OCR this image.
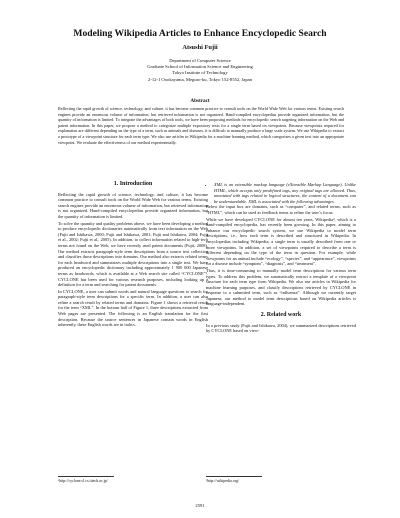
Modeling Wikipedia Articles to Enhance Encyclopedic Search
Atsushi Fujii
Department of Computer Science
Graduate School of Information Science and Engineering
Tokyo Institute of Technology
2-12-1 Oookayama, Meguro-ku, Tokyo 152-8552, Japan
Abstract
Reflecting the rapid growth of science, technology, and culture, it has become common practice to consult tools on the World Wide Web for various terms. Existing search engines provide an enormous volume of information, but retrieved information is not organized. Hand-compiled encyclopedias provide organized information, but the quantity of information is limited. To integrate the advantages of both tools, we have been proposing methods for encyclopedic search targeting information on the Web and patent information. In this paper, we propose a method to categorize multiple expository texts for a single term based on viewpoints. Because viewpoints required for explanation are different depending on the type of a term, such as animals and diseases, it is difficult to manually produce a large scale system. We use Wikipedia to extract a prototype of a viewpoint structure for each term type. We also use articles in Wikipedia for a machine learning method, which categorizes a given text into an appropriate viewpoint. We evaluate the effectiveness of our method experimentally.
1. Introduction

Reflecting the rapid growth of science, technology, and culture, it has become common practice to consult tools on the World Wide Web for various terms. Existing search engines provide an enormous volume of information, but retrieved information is not organized. Hand-compiled encyclopedias provide organized information, but the quantity of information is limited.

To solve the quantity and quality problems above, we have been developing a method to produce encyclopedic dictionaries automatically from text information on the Web (Fujii and Ishikawa, 2000; Fujii and Ishikawa, 2001; Fujii and Ishikawa, 2004; Fujii et al., 2002; Fujii et al., 2005). In addition, to collect information related to high-tech terms not found on the Web, we have recently used patent documents (Fujii, 2008). Our method extracts paragraph-style term descriptions from a source text collection and classifies those descriptions into domains. Our method also extracts related terms for each headword and summarizes multiple descriptions into a single text. We have produced an encyclopedic dictionary including approximately 1 900 000 Japanese terms as headwords, which is available at a Web search site called “CYCLONE”¹. CYCLONE has been used for various research purposes, including looking up a definition for a term and searching for patent documents.

In CYCLONE, a user can submit words and natural language questions to search for paragraph-style term descriptions for a specific term. In addition, a user can also refine a search result by related terms and domains. Figure 1 shows a retrieval result for the term “XML”. In the bottom half of Figure 1, three descriptions extracted from Web pages are presented. The following is an English translation for the first description. Because the source sentences in Japanese contain words in English inherently, these English words are in italics.

• XML is an extensible markup language (eXtensible Markup Language). Unlike HTML, which accepts only predefined tags, any original tags are allowed. Thus, annotated with tags related to logical structures, the content of a document can be understandable. XML is associated with the following advantages.

Below the input box are domains, such as “computer”, and related terms, such as “HTML”, which can be used as feedback terms to refine the user’s focus.

While we have developed CYCLONE for almost ten years, Wikipedia², which is a hand-compiled encyclopedia, has recently been growing. In this paper, aiming to enhance our encyclopedic search system, we use Wikipedia to model term descriptions, i.e., how each term is described and structured in Wikipedia. In encyclopedias including Wikipedia, a single term is usually described from one or more viewpoints. In addition, a set of viewpoints required to describe a term is different depending on the type of the term in question. For example, while viewpoints for an animal include “ecology”, “species”, and “appearance”, viewpoints for a disease include “symptom”, “diagnosis”, and “treatment”.

Thus, it is time-consuming to manually model term descriptions for various term types. To address this problem, we automatically extract a template of a viewpoint structure for each term type from Wikipedia. We also use articles in Wikipedia for machine learning purposes, and classify descriptions retrieved by CYCLONE in response to a submitted term, such as “influenza”. Although we currently target Japanese, our method to model term descriptions based on Wikipedia articles is language-independent.

2. Related work

In a previous study (Fujii and Ishikawa, 2004), we summarized descriptions retrieved by CYCLONE based on view-

¹http://cyclone.cl.cs.titech.ac.jp/	²http://wikipedia.org/
2591
